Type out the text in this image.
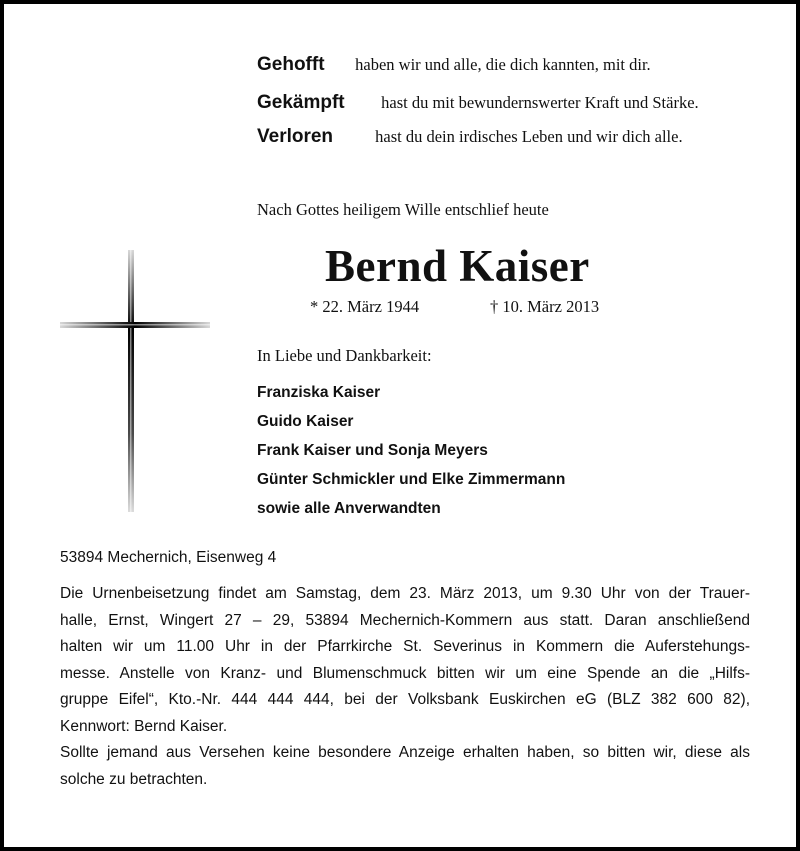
Gehofft haben wir und alle, die dich kannten, mit dir.
Gekämpft hast du mit bewundernswerter Kraft und Stärke.
Verloren	hast du dein irdisches Leben und wir dich alle.
Nach Gottes heiligem Wille entschlief heute
Bernd Kaiser
* 22. März 1944	† 10. März 2013
In Liebe und Dankbarkeit:
Franziska Kaiser
Guido Kaiser
Frank Kaiser und Sonja Meyers
Günter Schmickler und Elke Zimmermann
sowie alle Anverwandten
53894 Mechernich, Eisenweg 4
Die Urnenbeisetzung findet am Samstag, dem 23. März 2013, um 9.30 Uhr von der Trauer-
halle, Ernst, Wingert 27 – 29, 53894 Mechernich-Kommern aus statt. Daran anschließend
halten wir um 11.00 Uhr in der Pfarrkirche St. Severinus in Kommern die Auferstehungs-
messe. Anstelle von Kranz- und Blumenschmuck bitten wir um eine Spende an die „Hilfs-
gruppe Eifel“, Kto.-Nr. 444 444 444, bei der Volksbank Euskirchen eG (BLZ 382 600 82),
Kennwort: Bernd Kaiser.
Sollte jemand aus Versehen keine besondere Anzeige erhalten haben, so bitten wir, diese als
solche zu betrachten.
